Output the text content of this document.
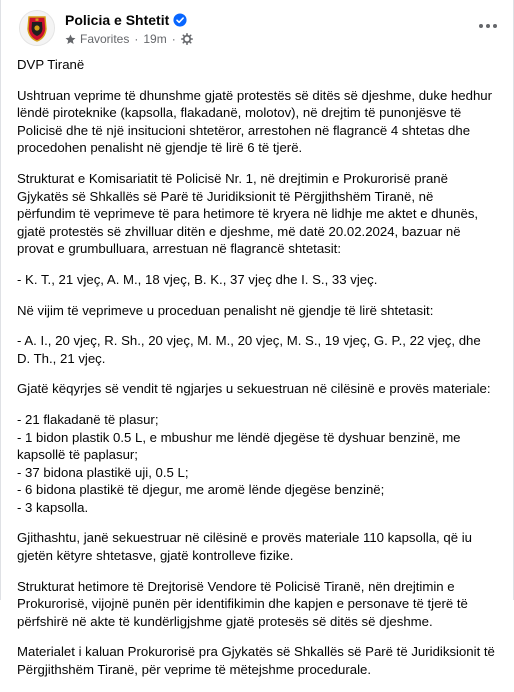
Policia e Shtetit
Favorites · 19m ·

DVP Tiranë

Ushtruan veprime të dhunshme gjatë protestës së ditës së djeshme, duke hedhur lëndë piroteknike (kapsolla, flakadanë, molotov), në drejtim të punonjësve të Policisë dhe të një insitucioni shtetëror, arrestohen në flagrancë 4 shtetas dhe procedohen penalisht në gjendje të lirë 6 të tjerë.

Strukturat e Komisariatit të Policisë Nr. 1, në drejtimin e Prokurorisë pranë Gjykatës së Shkallës së Parë të Juridiksionit të Përgjithshëm Tiranë, në përfundim të veprimeve të para hetimore të kryera në lidhje me aktet e dhunës, gjatë protestës së zhvilluar ditën e djeshme, më datë 20.02.2024, bazuar në provat e grumbulluara, arrestuan në flagrancë shtetasit:

- K. T., 21 vjeç, A. M., 18 vjeç, B. K., 37 vjeç dhe I. S., 33 vjeç.

Në vijim të veprimeve u proceduan penalisht në gjendje të lirë shtetasit:

- A. I., 20 vjeç, R. Sh., 20 vjeç, M. M., 20 vjeç, M. S., 19 vjeç, G. P., 22 vjeç, dhe D. Th., 21 vjeç.

Gjatë këqyrjes së vendit të ngjarjes u sekuestruan në cilësinë e provës materiale:

- 21 flakadanë të plasur;
- 1 bidon plastik 0.5 L, e mbushur me lëndë djegëse të dyshuar benzinë, me kapsollë të paplasur;
- 37 bidona plastikë uji, 0.5 L;
- 6 bidona plastikë të djegur, me aromë lënde djegëse benzinë;
- 3 kapsolla.

Gjithashtu, janë sekuestruar në cilësinë e provës materiale 110 kapsolla, që iu gjetën këtyre shtetasve, gjatë kontrolleve fizike.

Strukturat hetimore të Drejtorisë Vendore të Policisë Tiranë, nën drejtimin e Prokurorisë, vijojnë punën për identifikimin dhe kapjen e personave të tjerë të përfshirë në akte të kundërligjshme gjatë protesës së ditës së djeshme.

Materialet i kaluan Prokurorisë pra Gjykatës së Shkallës së Parë të Juridiksionit të Përgjithshëm Tiranë, për veprime të mëtejshme procedurale.
